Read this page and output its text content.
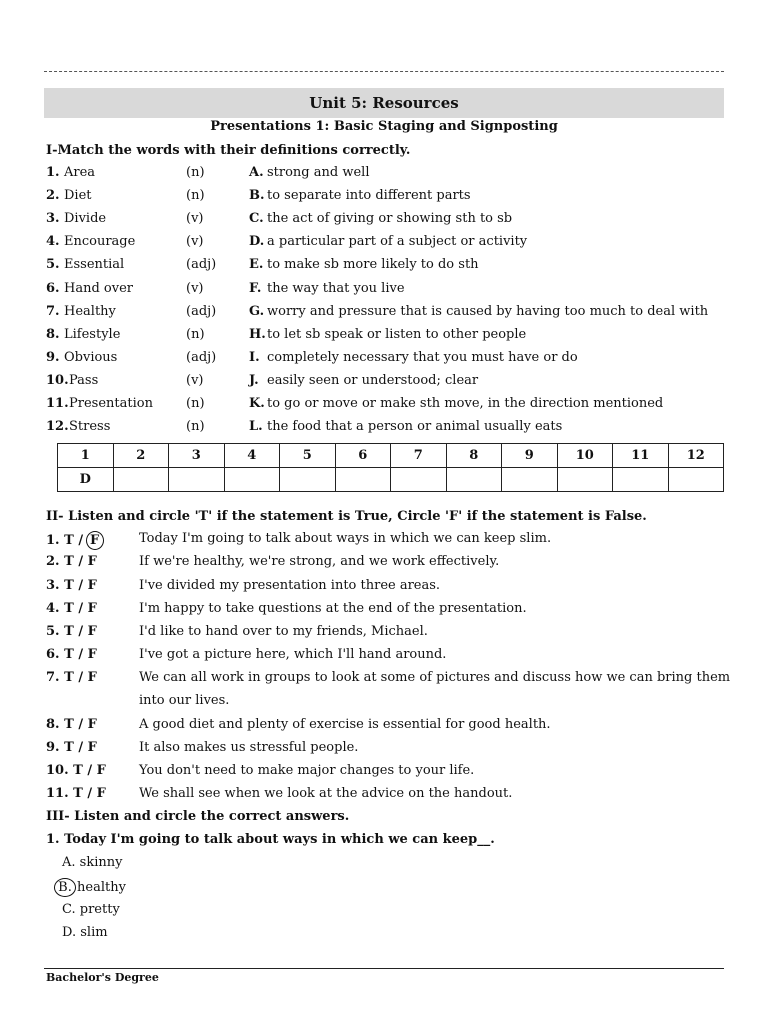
Unit 5: Resources
Presentations 1: Basic Staging and Signposting
I-Match the words with their definitions correctly.
1. Area	(n)	A. strong and well
2. Diet	(n)	B. to separate into different parts
3. Divide	(v)	C. the act of giving or showing sth to sb
4. Encourage	(v)	D. a particular part of a subject or activity
5. Essential	(adj)	E. to make sb more likely to do sth
6. Hand over	(v)	F. the way that you live
7. Healthy	(adj)	G. worry and pressure that is caused by having too much to deal with
8. Lifestyle	(n)	H. to let sb speak or listen to other people
9. Obvious	(adj)	I. completely necessary that you must have or do
10. Pass	(v)	J. easily seen or understood; clear
11. Presentation	(n)	K. to go or move or make sth move, in the direction mentioned
12. Stress	(n)	L. the food that a person or animal usually eats
1	2	3	4	5	6	7	8	9	10	11	12
D											
II- Listen and circle 'T' if the statement is True, Circle 'F' if the statement is False.
1. T / F	Today I'm going to talk about ways in which we can keep slim.
2. T / F	If we're healthy, we're strong, and we work effectively.
3. T / F	I've divided my presentation into three areas.
4. T / F	I'm happy to take questions at the end of the presentation.
5. T / F	I'd like to hand over to my friends, Michael.
6. T / F	I've got a picture here, which I'll hand around.
7. T / F	We can all work in groups to look at some of pictures and discuss how we can bring them
into our lives.
8. T / F	A good diet and plenty of exercise is essential for good health.
9. T / F	It also makes us stressful people.
10. T / F	You don't need to make major changes to your life.
11. T / F	We shall see when we look at the advice on the handout.
III- Listen and circle the correct answers.
1. Today I'm going to talk about ways in which we can keep__.
A. skinny
B. healthy
C. pretty
D. slim
Bachelor's Degree
